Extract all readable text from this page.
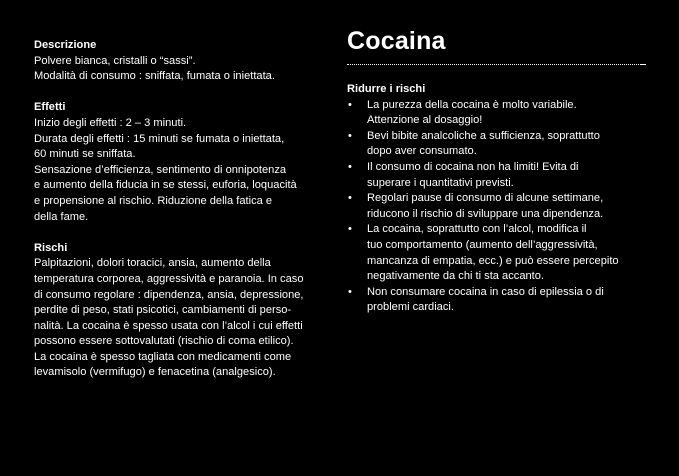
Descrizione
Polvere bianca, cristalli o “sassi”.
Modalità di consumo : sniffata, fumata o iniettata.
Effetti
Inizio degli effetti : 2 – 3 minuti.
Durata degli effetti : 15 minuti se fumata o iniettata,
60 minuti se sniffata.
Sensazione d’efficienza, sentimento di onnipotenza
e aumento della fiducia in se stessi, euforia, loquacità
e propensione al rischio. Riduzione della fatica e
della fame.
Rischi
Palpitazioni, dolori toracici, ansia, aumento della
temperatura corporea, aggressività e paranoia. In caso
di consumo regolare : dipendenza, ansia, depressione,
perdite di peso, stati psicotici, cambiamenti di perso-
nalità. La cocaina è spesso usata con l’alcol i cui effetti
possono essere sottovalutati (rischio di coma etilico).
La cocaina è spesso tagliata con medicamenti come
levamisolo (vermifugo) e fenacetina (analgesico).
Cocaina
Ridurre i rischi
• La purezza della cocaina è molto variabile.
Attenzione al dosaggio!
• Bevi bibite analcoliche a sufficienza, soprattutto
dopo aver consumato.
• Il consumo di cocaina non ha limiti! Evita di
superare i quantitativi previsti.
• Regolari pause di consumo di alcune settimane,
riducono il rischio di sviluppare una dipendenza.
• La cocaina, soprattutto con l’alcol, modifica il
tuo comportamento (aumento dell’aggressività,
mancanza di empatia, ecc.) e può essere percepito
negativamente da chi ti sta accanto.
• Non consumare cocaina in caso di epilessia o di
problemi cardiaci.
